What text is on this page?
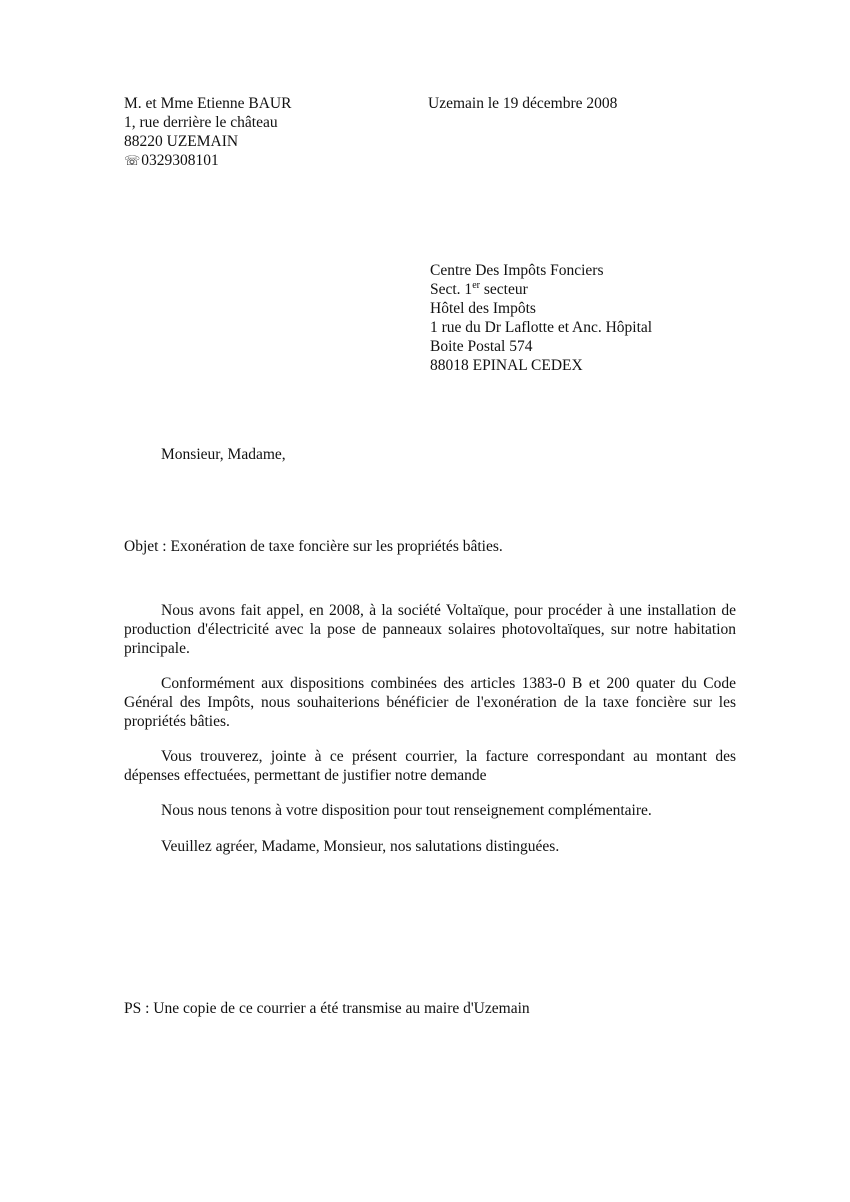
M. et Mme Etienne BAUR
1, rue derrière le château
88220 UZEMAIN
☏0329308101
Uzemain le 19 décembre 2008
Centre Des Impôts Fonciers
Sect. 1er secteur
Hôtel des Impôts
1 rue du Dr Laflotte et Anc. Hôpital
Boite Postal 574
88018 EPINAL CEDEX
Monsieur, Madame,
Objet : Exonération de taxe foncière sur les propriétés bâties.

Nous avons fait appel, en 2008, à la société Voltaïque, pour procéder à une installation de production d'électricité avec la pose de panneaux solaires photovoltaïques, sur notre habitation principale.

Conformément aux dispositions combinées des articles 1383-0 B et 200 quater du Code Général des Impôts, nous souhaiterions bénéficier de l'exonération de la taxe foncière sur les propriétés bâties.

Vous trouverez, jointe à ce présent courrier, la facture correspondant au montant des dépenses effectuées, permettant de justifier notre demande

Nous nous tenons à votre disposition pour tout renseignement complémentaire.

Veuillez agréer, Madame, Monsieur, nos salutations distinguées.

PS : Une copie de ce courrier a été transmise au maire d'Uzemain
